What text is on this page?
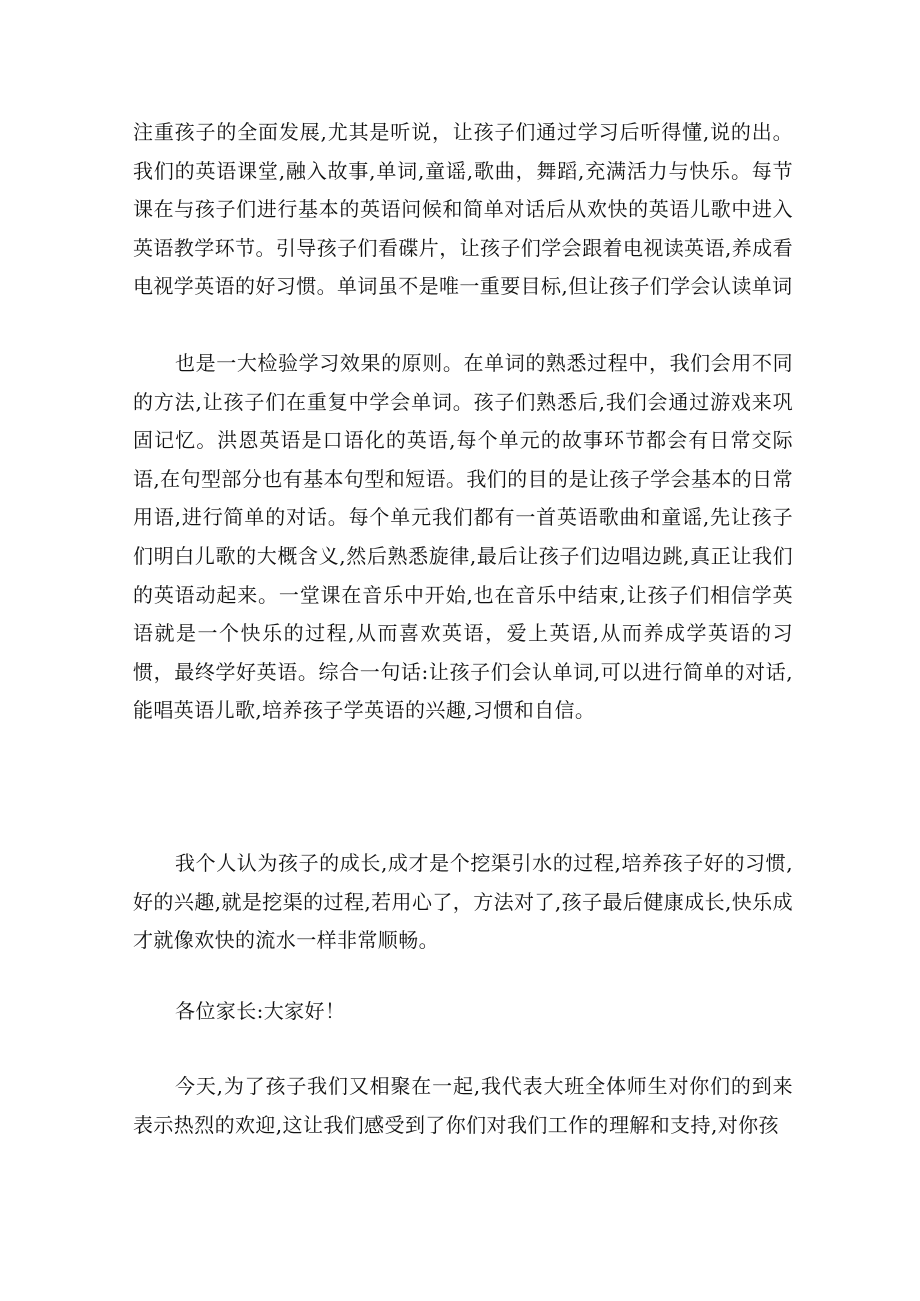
注重孩子的全面发展,尤其是听说，让孩子们通过学习后听得懂,说的出。我们的英语课堂,融入故事,单词,童谣,歌曲，舞蹈,充满活力与快乐。每节课在与孩子们进行基本的英语问候和简单对话后从欢快的英语儿歌中进入英语教学环节。引导孩子们看碟片，让孩子们学会跟着电视读英语,养成看电视学英语的好习惯。单词虽不是唯一重要目标,但让孩子们学会认读单词

也是一大检验学习效果的原则。在单词的熟悉过程中，我们会用不同的方法,让孩子们在重复中学会单词。孩子们熟悉后,我们会通过游戏来巩固记忆。洪恩英语是口语化的英语,每个单元的故事环节都会有日常交际语,在句型部分也有基本句型和短语。我们的目的是让孩子学会基本的日常用语,进行简单的对话。每个单元我们都有一首英语歌曲和童谣,先让孩子们明白儿歌的大概含义,然后熟悉旋律,最后让孩子们边唱边跳,真正让我们的英语动起来。一堂课在音乐中开始,也在音乐中结束,让孩子们相信学英语就是一个快乐的过程,从而喜欢英语，爱上英语,从而养成学英语的习惯，最终学好英语。综合一句话:让孩子们会认单词,可以进行简单的对话,能唱英语儿歌,培养孩子学英语的兴趣,习惯和自信。

我个人认为孩子的成长,成才是个挖渠引水的过程,培养孩子好的习惯,好的兴趣,就是挖渠的过程,若用心了，方法对了,孩子最后健康成长,快乐成才就像欢快的流水一样非常顺畅。

各位家长:大家好！

今天,为了孩子我们又相聚在一起,我代表大班全体师生对你们的到来表示热烈的欢迎,这让我们感受到了你们对我们工作的理解和支持,对你孩
